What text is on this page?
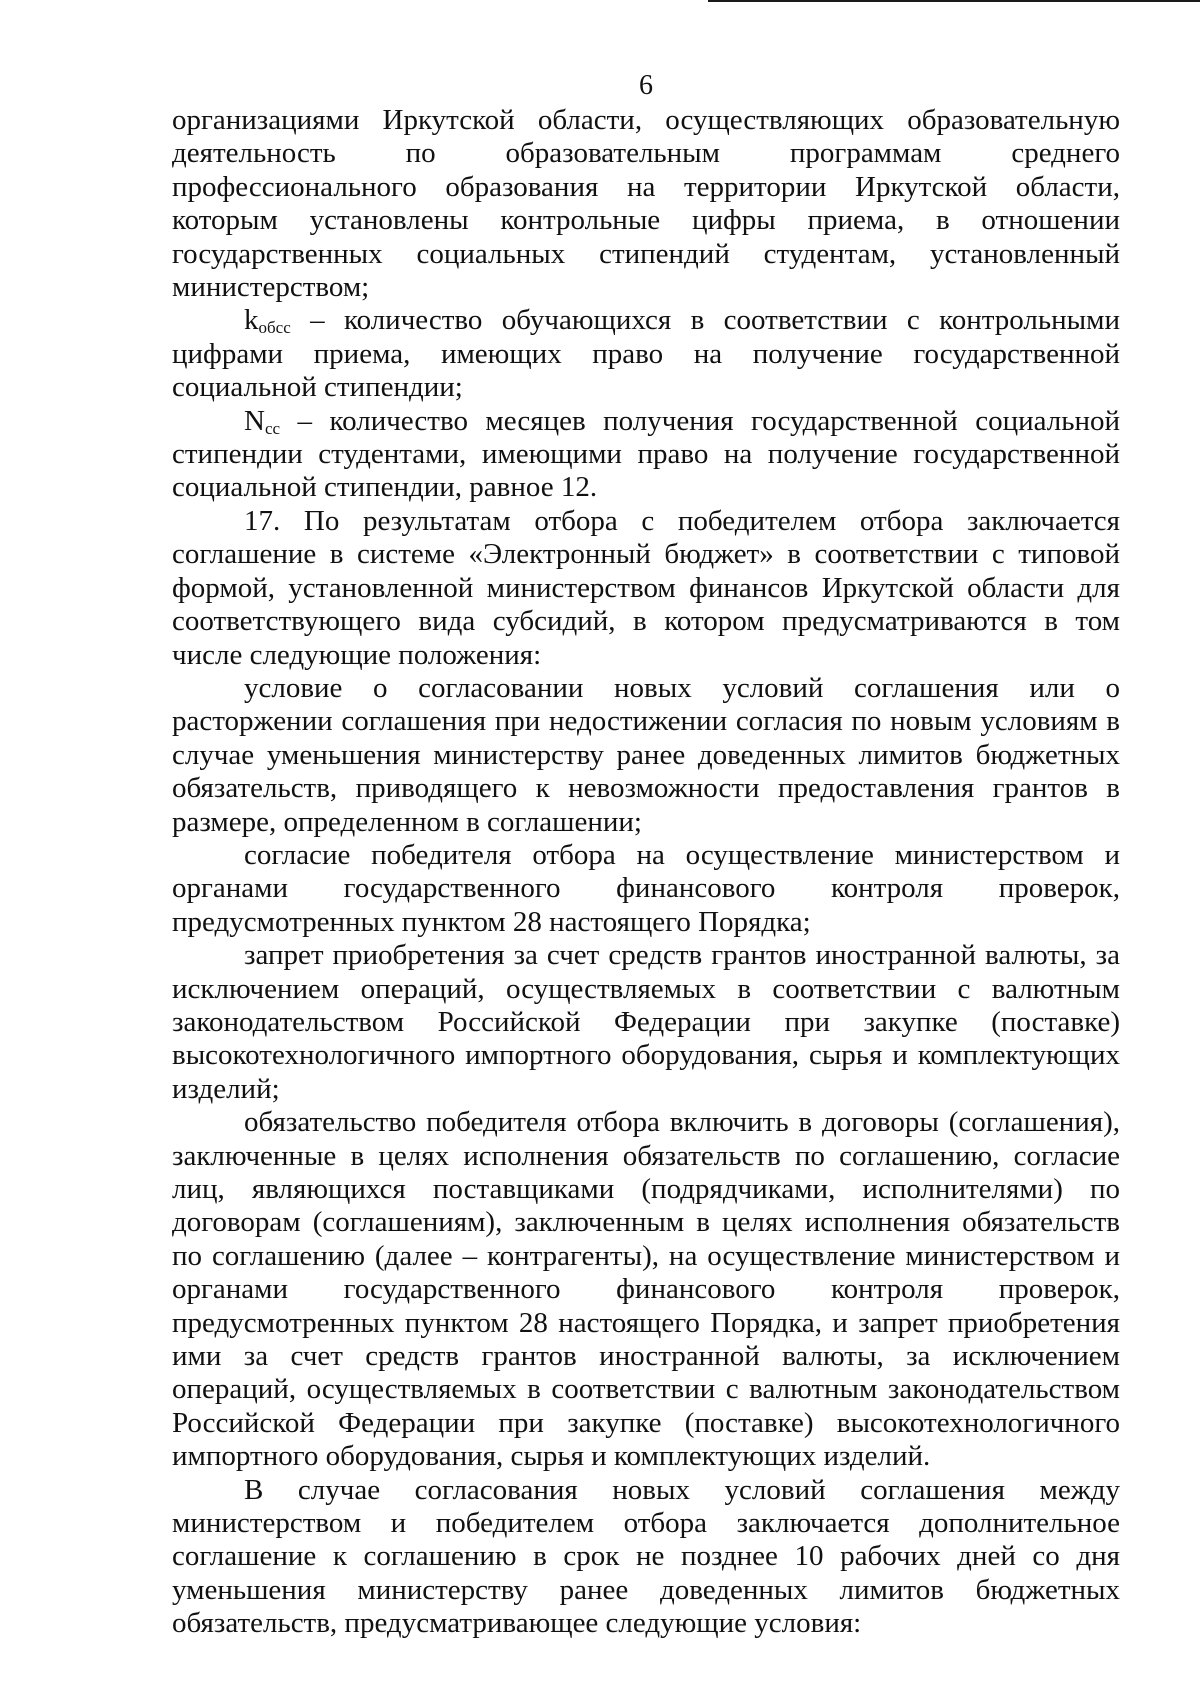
6

организациями Иркутской области, осуществляющих образовательную деятельность по образовательным программам среднего профессионального образования на территории Иркутской области, которым установлены контрольные цифры приема, в отношении государственных социальных стипендий студентам, установленный министерством;

$k_{обсс}$ – количество обучающихся в соответствии с контрольными цифрами приема, имеющих право на получение государственной социальной стипендии;

$N_{сс}$ – количество месяцев получения государственной социальной стипендии студентами, имеющими право на получение государственной социальной стипендии, равное 12.

17. По результатам отбора с победителем отбора заключается соглашение в системе «Электронный бюджет» в соответствии с типовой формой, установленной министерством финансов Иркутской области для соответствующего вида субсидий, в котором предусматриваются в том числе следующие положения:

условие о согласовании новых условий соглашения или о расторжении соглашения при недостижении согласия по новым условиям в случае уменьшения министерству ранее доведенных лимитов бюджетных обязательств, приводящего к невозможности предоставления грантов в размере, определенном в соглашении;

согласие победителя отбора на осуществление министерством и органами государственного финансового контроля проверок, предусмотренных пунктом 28 настоящего Порядка;

запрет приобретения за счет средств грантов иностранной валюты, за исключением операций, осуществляемых в соответствии с валютным законодательством Российской Федерации при закупке (поставке) высокотехнологичного импортного оборудования, сырья и комплектующих изделий;

обязательство победителя отбора включить в договоры (соглашения), заключенные в целях исполнения обязательств по соглашению, согласие лиц, являющихся поставщиками (подрядчиками, исполнителями) по договорам (соглашениям), заключенным в целях исполнения обязательств по соглашению (далее – контрагенты), на осуществление министерством и органами государственного финансового контроля проверок, предусмотренных пунктом 28 настоящего Порядка, и запрет приобретения ими за счет средств грантов иностранной валюты, за исключением операций, осуществляемых в соответствии с валютным законодательством Российской Федерации при закупке (поставке) высокотехнологичного импортного оборудования, сырья и комплектующих изделий.

В случае согласования новых условий соглашения между министерством и победителем отбора заключается дополнительное соглашение к соглашению в срок не позднее 10 рабочих дней со дня уменьшения министерству ранее доведенных лимитов бюджетных обязательств, предусматривающее следующие условия:
